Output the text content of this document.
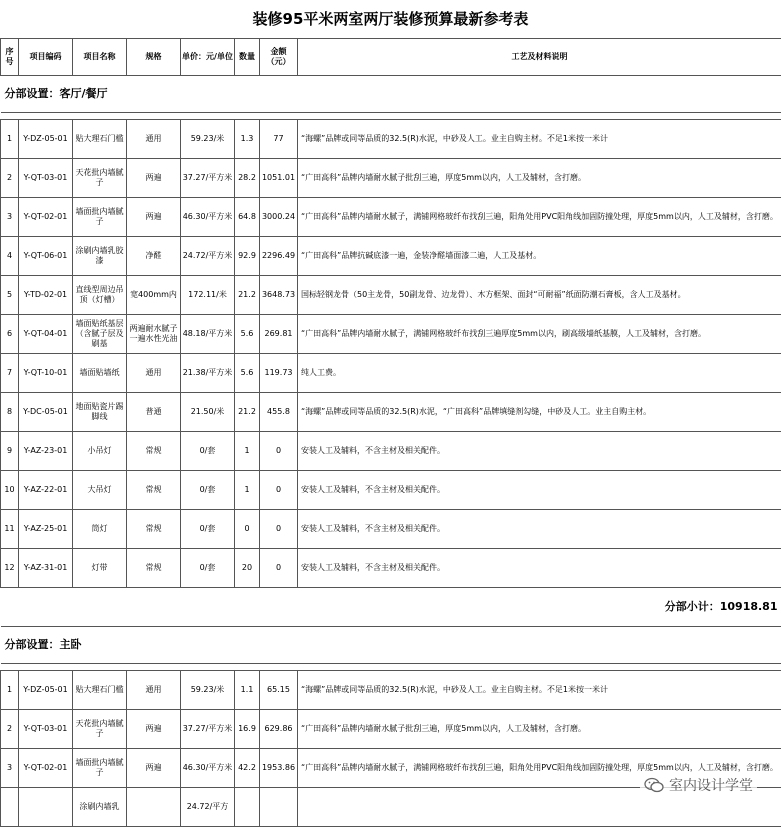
装修95平米两室两厅装修预算最新参考表
序号	项目编码	项目名称	规格	单价：元/单位	数量	金额（元）	工艺及材料说明
分部设置：客厅/餐厅							

1	Y-DZ-05-01	贴大理石门槛	通用	59.23/米	1.3	77	“海螺”品牌或同等品质的32.5(R)水泥，中砂及人工。业主自购主材。不足1米按一米计
2	Y-QT-03-01	天花批内墙腻子	两遍	37.27/平方米	28.2	1051.01	“广田高科”品牌内墙耐水腻子批刮三遍，厚度5mm以内，人工及辅材，含打磨。
3	Y-QT-02-01	墙面批内墙腻子	两遍	46.30/平方米	64.8	3000.24	“广田高科”品牌内墙耐水腻子，满铺网格玻纤布找刮三遍，阳角处用PVC阳角线加固防撞处理，厚度5mm以内，人工及辅材，含打磨。
4	Y-QT-06-01	涂刷内墙乳胶漆	净醛	24.72/平方米	92.9	2296.49	“广田高科”品牌抗碱底漆一遍，金装净醛墙面漆二遍，人工及基材。
5	Y-TD-02-01	直线型周边吊顶（灯槽）	宽400mm内	172.11/米	21.2	3648.73	国标轻钢龙骨（50主龙骨，50副龙骨、边龙骨）、木方框架、面封“可耐福”纸面防潮石膏板，含人工及基材。
6	Y-QT-04-01	墙面贴纸基层（含腻子层及刷基	两遍耐水腻子一遍水性光油	48.18/平方米	5.6	269.81	“广田高科”品牌内墙耐水腻子，满铺网格玻纤布找刮三遍厚度5mm以内，刷高级墙纸基膜，人工及辅材，含打磨。
7	Y-QT-10-01	墙面贴墙纸	通用	21.38/平方米	5.6	119.73	纯人工费。
8	Y-DC-05-01	地面贴瓷片踢脚线	普通	21.50/米	21.2	455.8	“海螺”品牌或同等品质的32.5(R)水泥，“广田高科”品牌填缝剂勾缝，中砂及人工。业主自购主材。
9	Y-AZ-23-01	小吊灯	常规	0/套	1	0	安装人工及辅料，不含主材及相关配件。
10	Y-AZ-22-01	大吊灯	常规	0/套	1	0	安装人工及辅料，不含主材及相关配件。
11	Y-AZ-25-01	筒灯	常规	0/套	0	0	安装人工及辅料，不含主材及相关配件。
12	Y-AZ-31-01	灯带	常规	0/套	20	0	安装人工及辅料，不含主材及相关配件。
分部小计：10918.81							
分部设置：主卧							

1	Y-DZ-05-01	贴大理石门槛	通用	59.23/米	1.1	65.15	“海螺”品牌或同等品质的32.5(R)水泥，中砂及人工。业主自购主材。不足1米按一米计
2	Y-QT-03-01	天花批内墙腻子	两遍	37.27/平方米	16.9	629.86	“广田高科”品牌内墙耐水腻子批刮三遍，厚度5mm以内，人工及辅材，含打磨。
3	Y-QT-02-01	墙面批内墙腻子	两遍	46.30/平方米	42.2	1953.86	“广田高科”品牌内墙耐水腻子，满铺网格玻纤布找刮三遍，阳角处用PVC阳角线加固防撞处理，厚度5mm以内，人工及辅材，含打磨。
		涂刷内墙乳		24.72/平方			
室内设计学堂
